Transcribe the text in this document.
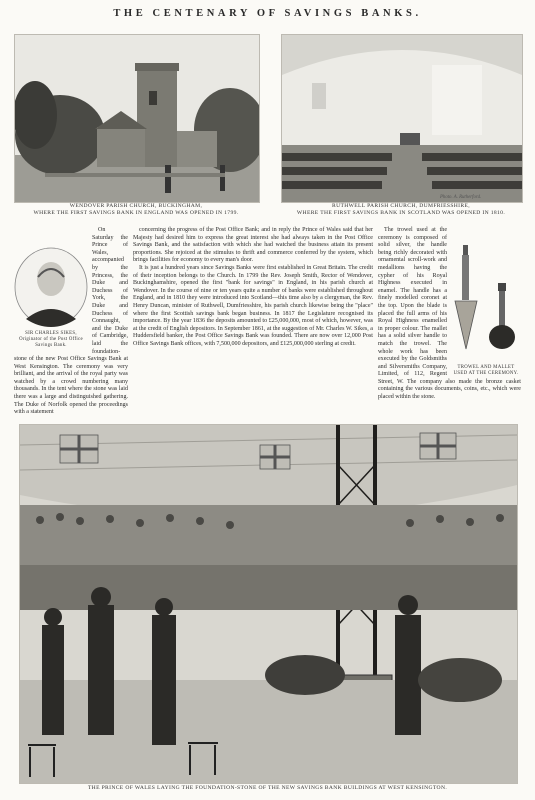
THE CENTENARY OF SAVINGS BANKS.
WENDOVER PARISH CHURCH, BUCKINGHAM,
WHERE THE FIRST SAVINGS BANK IN ENGLAND WAS OPENED IN 1799.
Photo. A. Rutherford.
RUTHWELL PARISH CHURCH, DUMFRIESSHIRE,
WHERE THE FIRST SAVINGS BANK IN SCOTLAND WAS OPENED IN 1810.
SIR CHARLES SIKES,
Originator of the Post Office Savings Bank.

On Saturday the Prince of Wales, accompanied by the Princess, the Duke and Duchess of York, the Duke and Duchess of Connaught, and the Duke of Cambridge, laid the foundation-stone of the new Post Office Savings Bank at West Kensington. The ceremony was very brilliant, and the arrival of the royal party was watched by a crowd numbering many thousands. In the tent where the stone was laid there was a large and distinguished gathering. The Duke of Norfolk opened the proceedings with a statement

concerning the progress of the Post Office Bank; and in reply the Prince of Wales said that her Majesty had desired him to express the great interest she had always taken in the Post Office Savings Bank, and the satisfaction with which she had watched the business attain its present proportions. She rejoiced at the stimulus to thrift and commerce conferred by the system, which brings facilities for economy to every man's door.

It is just a hundred years since Savings Banks were first established in Great Britain. The credit of their inception belongs to the Church. In 1799 the Rev. Joseph Smith, Rector of Wendover, Buckinghamshire, opened the first "bank for savings" in England, in his parish church at Wendover. In the course of nine or ten years quite a number of banks were established throughout England, and in 1810 they were introduced into Scotland—this time also by a clergyman, the Rev. Henry Duncan, minister of Ruthwell, Dumfriesshire, his parish church likewise being the "place" where the first Scottish savings bank began business. In 1817 the Legislature recognised its importance. By the year 1836 the deposits amounted to £25,000,000, most of which, however, was at the credit of English depositors. In September 1861, at the suggestion of Mr. Charles W. Sikes, a Huddersfield banker, the Post Office Savings Bank was founded. There are now over 12,000 Post Office Savings Bank offices, with 7,500,000 depositors, and £125,000,000 sterling at credit.

TROWEL AND MALLET USED AT THE CEREMONY.

The trowel used at the ceremony is composed of solid silver, the handle being richly decorated with ornamental scroll-work and medallions having the cypher of his Royal Highness executed in enamel. The handle has a finely modelled coronet at the top. Upon the blade is placed the full arms of his Royal Highness enamelled in proper colour. The mallet has a solid silver handle to match the trowel. The whole work has been executed by the Goldsmiths and Silversmiths Company, Limited, of 112, Regent Street, W. The company also made the bronze casket containing the various documents, coins, etc., which were placed within the stone.

THE PRINCE OF WALES LAYING THE FOUNDATION-STONE OF THE NEW SAVINGS BANK BUILDINGS AT WEST KENSINGTON.
